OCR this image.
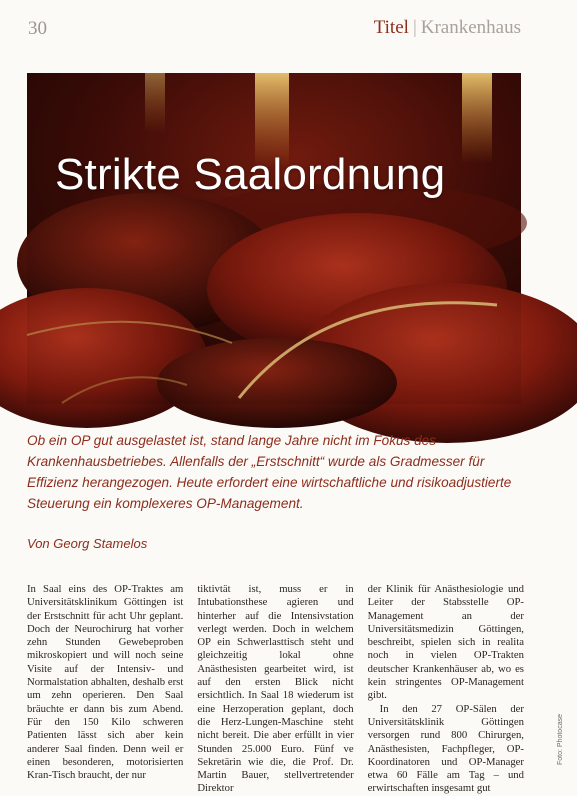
30	Titel | Krankenhaus
Strikte Saalordnung

Ob ein OP gut ausgelastet ist, stand lange Jahre nicht im Fokus des Krankenhausbetriebes. Allenfalls der „Erstschnitt“ wurde als Gradmesser für Effizienz herangezogen. Heute erfordert eine wirtschaftliche und risikoadjustierte Steuerung ein komplexeres OP-Management.

Von Georg Stamelos

In Saal eins des OP-Traktes am Universitätsklinikum Göttingen ist der Erstschnitt für acht Uhr geplant. Doch der Neurochirurg hat vorher zehn Stunden Gewebeproben mikroskopiert und will noch seine Visite auf der Intensiv- und Normalstation abhalten, deshalb erst um zehn operieren. Den Saal bräuchte er dann bis zum Abend. Für den 150 Kilo schweren Patienten lässt sich aber kein anderer Saal finden. Denn weil er einen besonderen, motorisierten Kran-Tisch braucht, der nur

tiktivtät ist, muss er in Intubationsthese agieren und hinterher auf die Intensivstation verlegt werden. Doch in welchem OP ein Schwerlasttisch steht und gleichzeitig lokal ohne Anästhesisten gearbeitet wird, ist auf den ersten Blick nicht ersichtlich. In Saal 18 wiederum ist eine Herzoperation geplant, doch die Herz-Lungen-Maschine steht nicht bereit. Die aber erfüllt in vier Stunden 25.000 Euro. Fünf ve Sekretärin wie die, die Prof. Dr. Martin Bauer, stellvertretender Direktor

der Klinik für Anästhesiologie und Leiter der Stabsstelle OP-Management an der Universitätsmedizin Göttingen, beschreibt, spielen sich in realita noch in vielen OP-Trakten deutscher Krankenhäuser ab, wo es kein stringentes OP-Management gibt.

In den 27 OP-Sälen der Universitätsklinik Göttingen versorgen rund 800 Chirurgen, Anästhesisten, Fachpfleger, OP-Koordinatoren und OP-Manager etwa 60 Fälle am Tag – und erwirtschaften insgesamt gut

Foto: Photocase
